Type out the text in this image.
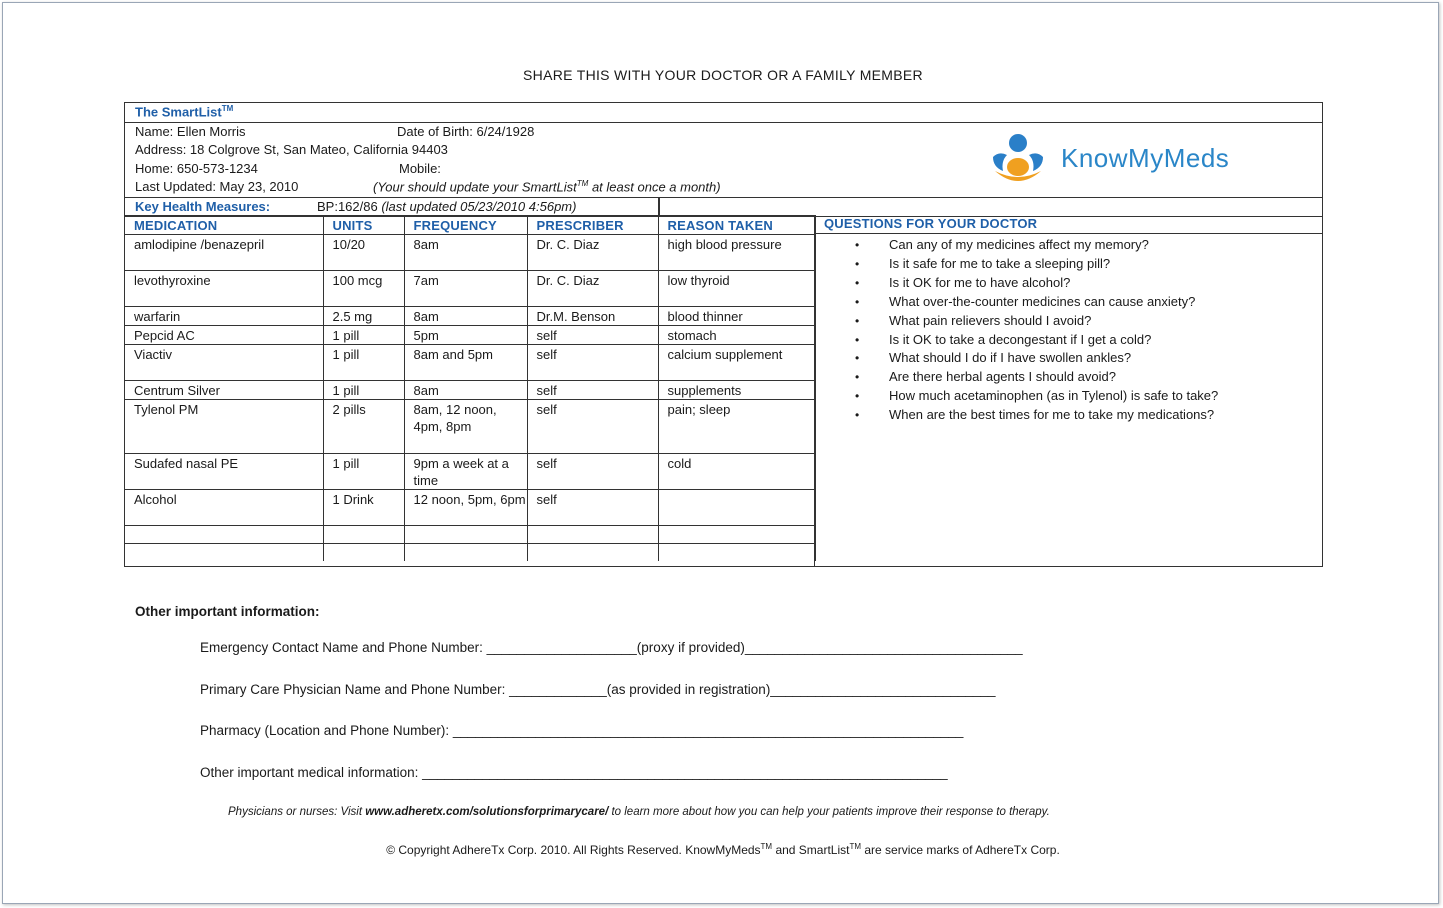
SHARE THIS WITH YOUR DOCTOR OR A FAMILY MEMBER
The SmartList™
Name: Ellen Morris	Date of Birth: 6/24/1928
Address: 18 Colgrove St, San Mateo, California 94403
Home: 650-573-1234	Mobile:
Last Updated: May 23, 2010	(Your should update your SmartList™ at least once a month)
KnowMyMeds
Key Health Measures:	BP:162/86 (last updated 05/23/2010 4:56pm)
MEDICATION	UNITS	FREQUENCY	PRESCRIBER	REASON TAKEN
amlodipine /benazepril	10/20	8am	Dr. C. Diaz	high blood pressure
levothyroxine	100 mcg	7am	Dr. C. Diaz	low thyroid
warfarin	2.5 mg	8am	Dr.M. Benson	blood thinner
Pepcid AC	1 pill	5pm	self	stomach
Viactiv	1 pill	8am and 5pm	self	calcium supplement
Centrum Silver	1 pill	8am	self	supplements
Tylenol PM	2 pills	8am, 12 noon, 4pm, 8pm	self	pain; sleep
Sudafed nasal PE	1 pill	9pm a week at a time	self	cold
Alcohol	1 Drink	12 noon, 5pm, 6pm	self	

QUESTIONS FOR YOUR DOCTOR
• Can any of my medicines affect my memory?
• Is it safe for me to take a sleeping pill?
• Is it OK for me to have alcohol?
• What over-the-counter medicines can cause anxiety?
• What pain relievers should I avoid?
• Is it OK to take a decongestant if I get a cold?
• What should I do if I have swollen ankles?
• Are there herbal agents I should avoid?
• How much acetaminophen (as in Tylenol) is safe to take?
• When are the best times for me to take my medications?
Other important information:
Emergency Contact Name and Phone Number: ____________________(proxy if provided)_____________________________________
Primary Care Physician Name and Phone Number: _____________(as provided in registration)______________________________
Pharmacy (Location and Phone Number): ____________________________________________________________________
Other important medical information: ______________________________________________________________________
Physicians or nurses: Visit www.adheretx.com/solutionsforprimarycare/ to learn more about how you can help your patients improve their response to therapy.
© Copyright AdhereTx Corp. 2010. All Rights Reserved. KnowMyMeds™ and SmartList™ are service marks of AdhereTx Corp.
